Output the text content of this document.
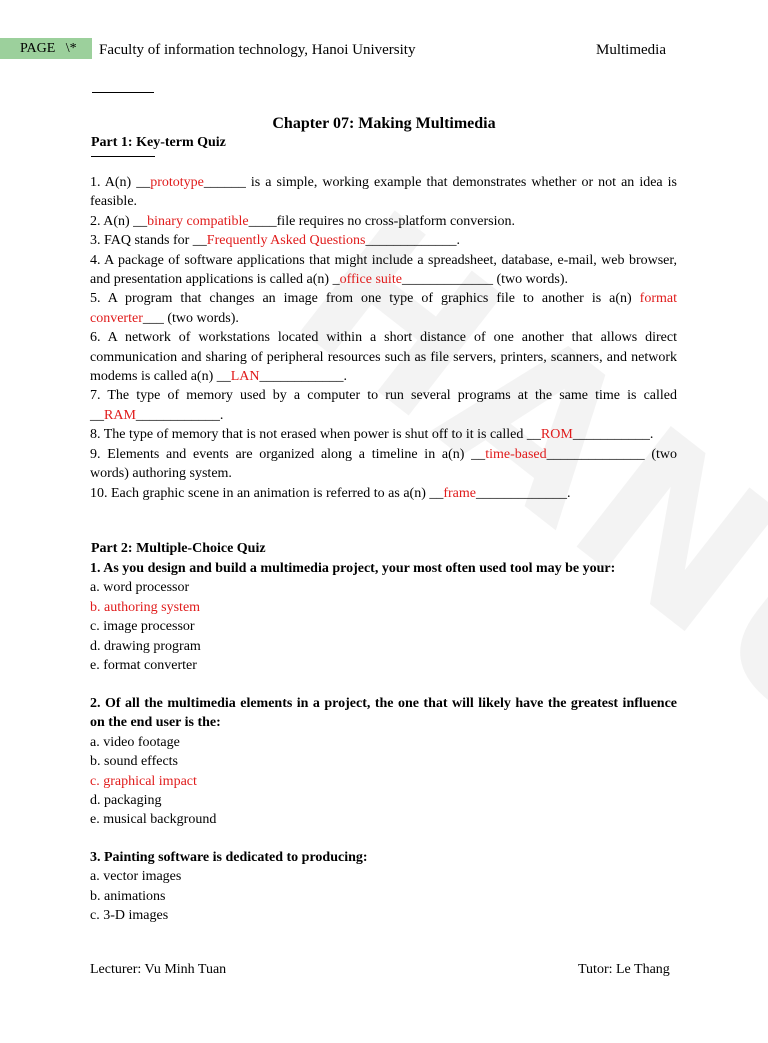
PAGE   \*	Faculty of information technology, Hanoi University	Multimedia
Chapter 07: Making Multimedia
Part 1: Key-term Quiz
1. A(n) __prototype______ is a simple, working example that demonstrates whether or not an idea is feasible.
2. A(n) __binary compatible____file requires no cross-platform conversion.
3. FAQ stands for __Frequently Asked Questions_____________.
4. A package of software applications that might include a spreadsheet, database, e-mail, web browser, and presentation applications is called a(n) _office suite_____________ (two words).
5. A program that changes an image from one type of graphics file to another is a(n) format converter___ (two words).
6. A network of workstations located within a short distance of one another that allows direct communication and sharing of peripheral resources such as file servers, printers, scanners, and network modems is called a(n) __LAN____________.
7. The type of memory used by a computer to run several programs at the same time is called __RAM____________.
8. The type of memory that is not erased when power is shut off to it is called __ROM___________.
9. Elements and events are organized along a timeline in a(n) __time-based______________ (two words) authoring system.
10. Each graphic scene in an animation is referred to as a(n) __frame_____________.
Part 2: Multiple-Choice Quiz
1. As you design and build a multimedia project, your most often used tool may be your:
a. word processor
b. authoring system
c. image processor
d. drawing program
e. format converter
2. Of all the multimedia elements in a project, the one that will likely have the greatest influence on the end user is the:
a. video footage
b. sound effects
c. graphical impact
d. packaging
e. musical background
3. Painting software is dedicated to producing:
a. vector images
b. animations
c. 3-D images
Lecturer: Vu Minh Tuan	Tutor: Le Thang
